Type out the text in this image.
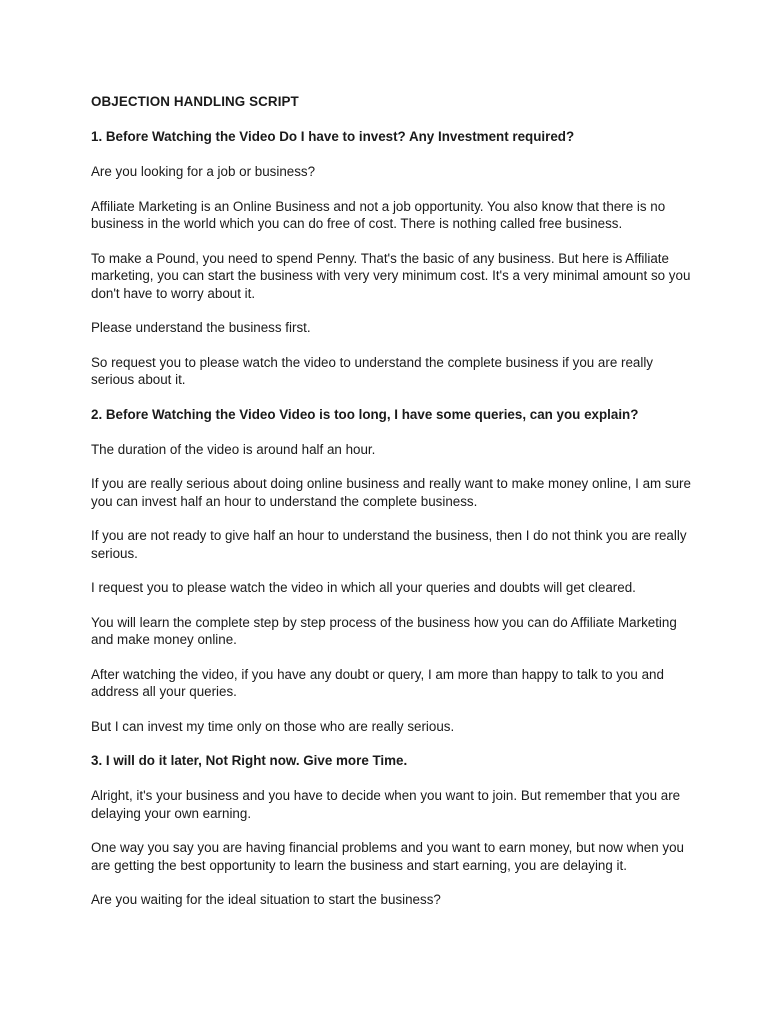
OBJECTION HANDLING SCRIPT
1. Before Watching the Video Do I have to invest? Any Investment required?
Are you looking for a job or business?
Affiliate Marketing is an Online Business and not a job opportunity. You also know that there is no business in the world which you can do free of cost. There is nothing called free business.
To make a Pound, you need to spend Penny. That's the basic of any business. But here is Affiliate marketing, you can start the business with very very minimum cost. It's a very minimal amount so you don't have to worry about it.
Please understand the business first.
So request you to please watch the video to understand the complete business if you are really serious about it.
2. Before Watching the Video Video is too long, I have some queries, can you explain?
The duration of the video is around half an hour.
If you are really serious about doing online business and really want to make money online, I am sure you can invest half an hour to understand the complete business.
If you are not ready to give half an hour to understand the business, then I do not think you are really serious.
I request you to please watch the video in which all your queries and doubts will get cleared.
You will learn the complete step by step process of the business how you can do Affiliate Marketing and make money online.
After watching the video, if you have any doubt or query, I am more than happy to talk to you and address all your queries.
But I can invest my time only on those who are really serious.
3. I will do it later, Not Right now. Give more Time.
Alright, it's your business and you have to decide when you want to join. But remember that you are delaying your own earning.
One way you say you are having financial problems and you want to earn money, but now when you are getting the best opportunity to learn the business and start earning, you are delaying it.
Are you waiting for the ideal situation to start the business?
